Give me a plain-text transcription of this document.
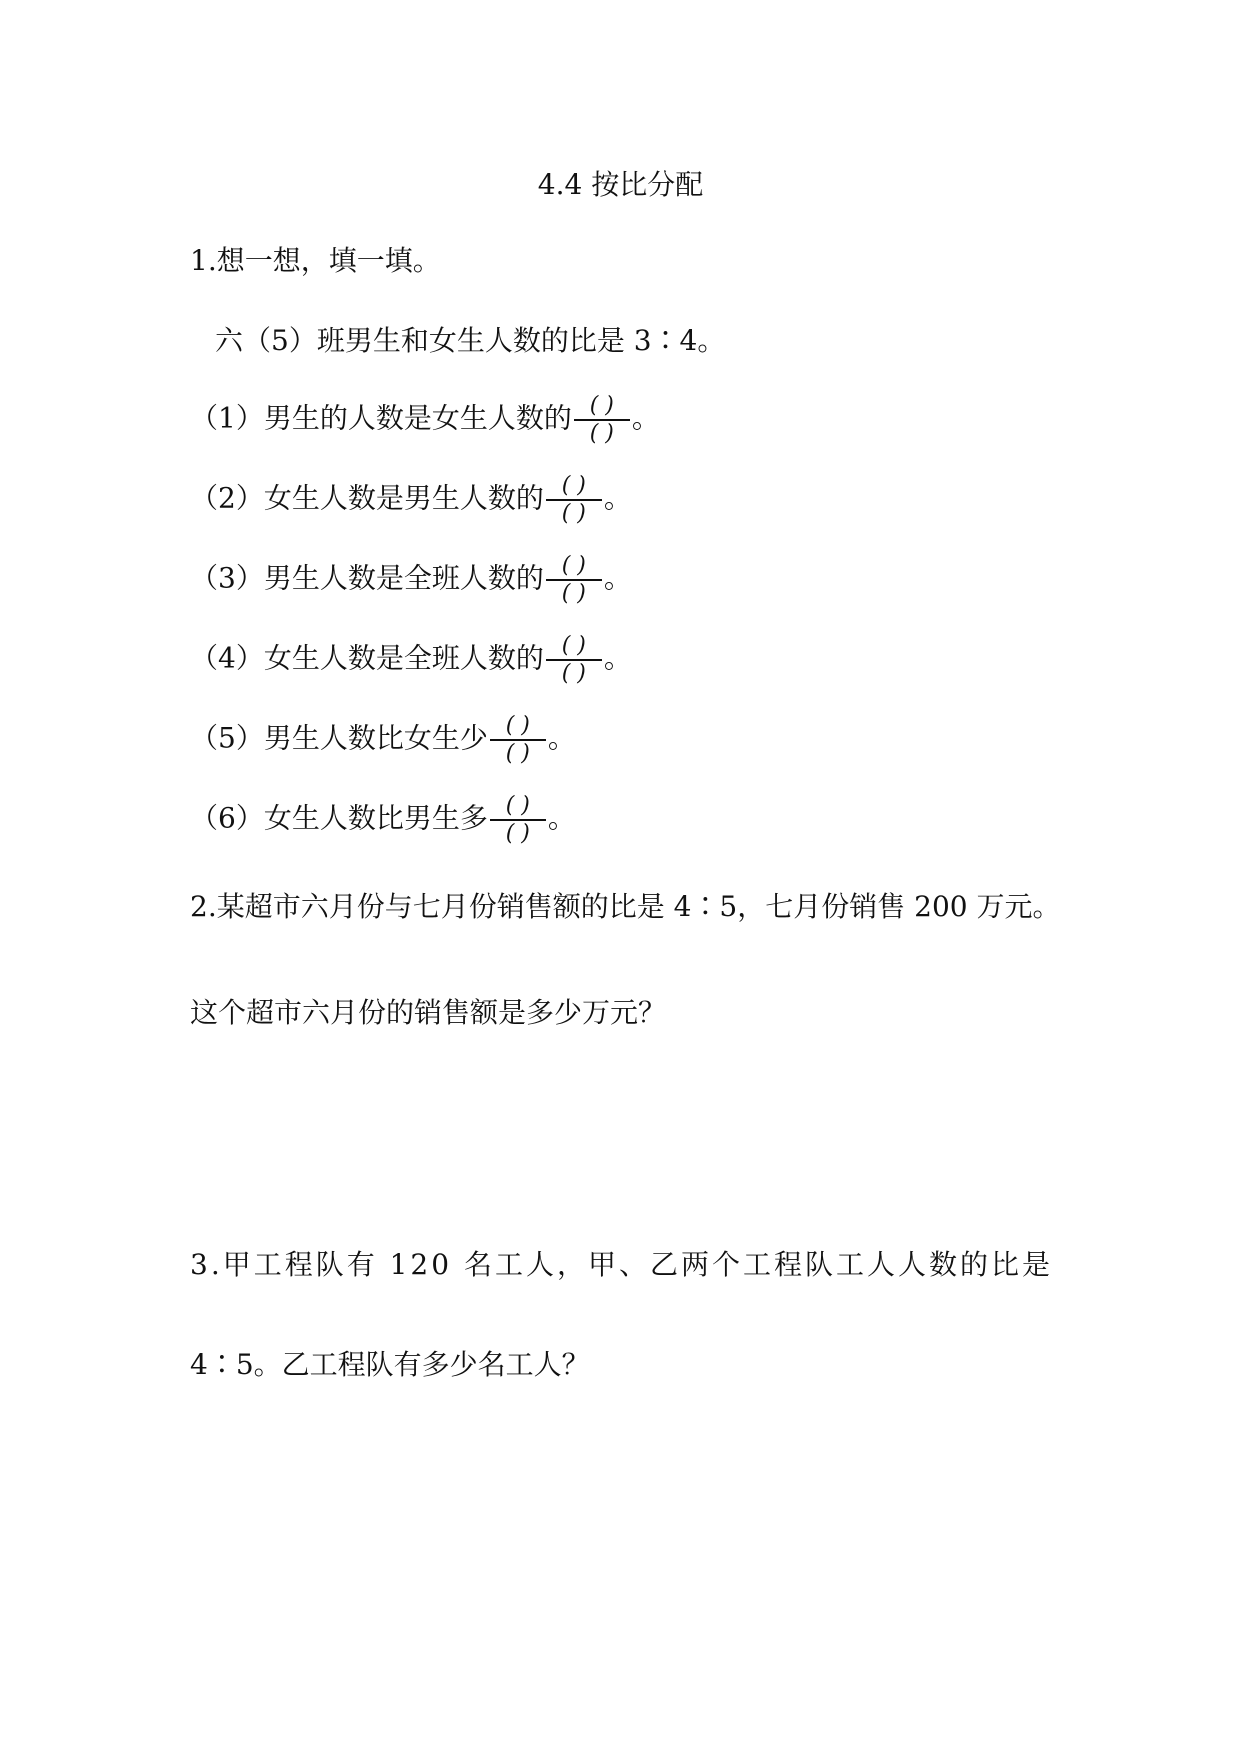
4.4 按比分配
1.想一想，填一填。
六（5）班男生和女生人数的比是 3∶4。
（1）男生的人数是女生人数的 $\frac{( )}{( )}$ 。
（2）女生人数是男生人数的 $\frac{( )}{( )}$ 。
（3）男生人数是全班人数的 $\frac{( )}{( )}$ 。
（4）女生人数是全班人数的 $\frac{( )}{( )}$ 。
（5）男生人数比女生少 $\frac{( )}{( )}$ 。
（6）女生人数比男生多 $\frac{( )}{( )}$ 。
2.某超市六月份与七月份销售额的比是 4∶5，七月份销售 200 万元。
这个超市六月份的销售额是多少万元？
3.甲工程队有 120 名工人，甲、乙两个工程队工人人数的比是
4∶5。乙工程队有多少名工人？
